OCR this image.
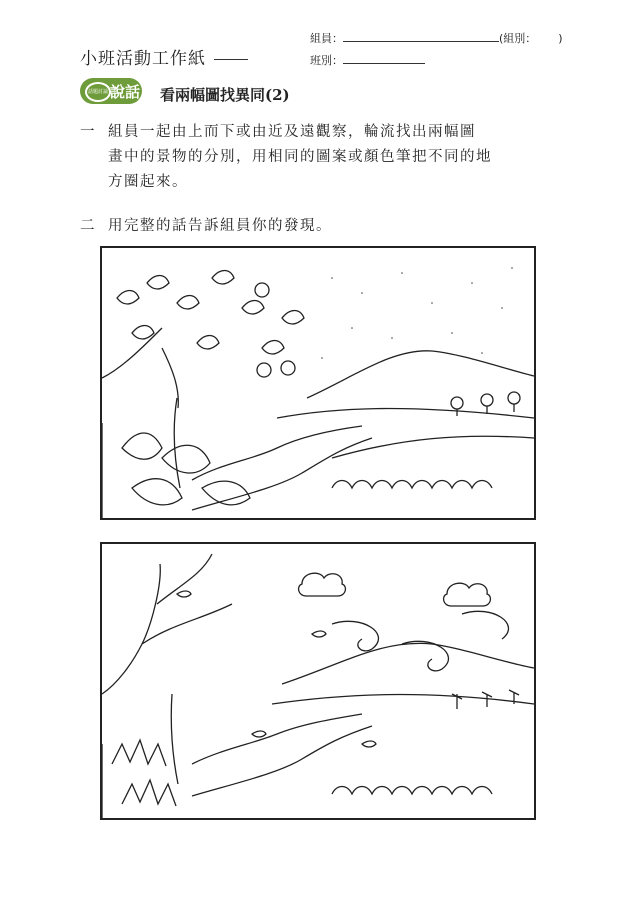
小班活動工作紙
組員：	(組別： )
班別：
話題討論 說話 看兩幅圖找異同(2)
一 組員一起由上而下或由近及遠觀察，輪流找出兩幅圖
畫中的景物的分別，用相同的圖案或顏色筆把不同的地
方圈起來。
二 用完整的話告訴組員你的發現。
